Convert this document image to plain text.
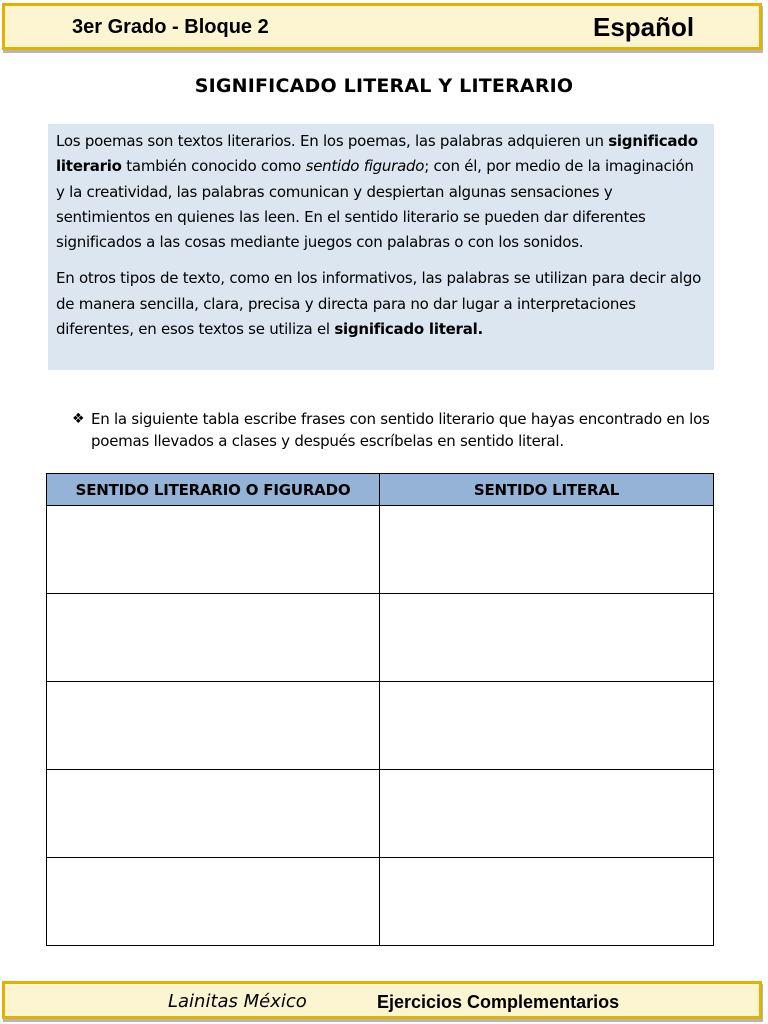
3er Grado - Bloque 2	Español
SIGNIFICADO LITERAL Y LITERARIO

Los poemas son textos literarios. En los poemas, las palabras adquieren un significado literario también conocido como sentido figurado; con él, por medio de la imaginación y la creatividad, las palabras comunican y despiertan algunas sensaciones y sentimientos en quienes las leen. En el sentido literario se pueden dar diferentes significados a las cosas mediante juegos con palabras o con los sonidos.

En otros tipos de texto, como en los informativos, las palabras se utilizan para decir algo de manera sencilla, clara, precisa y directa para no dar lugar a interpretaciones diferentes, en esos textos se utiliza el significado literal.

❖ En la siguiente tabla escribe frases con sentido literario que hayas encontrado en los poemas llevados a clases y después escríbelas en sentido literal.
SENTIDO LITERARIO O FIGURADO	SENTIDO LITERAL

Lainitas México	Ejercicios Complementarios
